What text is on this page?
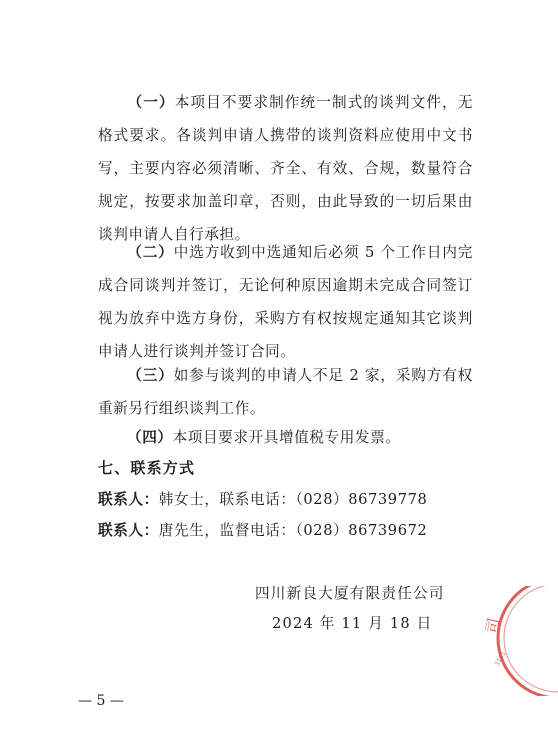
（一）本项目不要求制作统一制式的谈判文件，无格式要求。各谈判申请人携带的谈判资料应使用中文书写，主要内容必须清晰、齐全、有效、合规，数量符合规定，按要求加盖印章，否则，由此导致的一切后果由谈判申请人自行承担。

（二）中选方收到中选通知后必须 5 个工作日内完成合同谈判并签订，无论何种原因逾期未完成合同签订视为放弃中选方身份，采购方有权按规定通知其它谈判申请人进行谈判并签订合同。

（三）如参与谈判的申请人不足 2 家，采购方有权重新另行组织谈判工作。

（四）本项目要求开具增值税专用发票。

七、联系方式
联系人：韩女士，联系电话：（028）86739778
联系人：唐先生，监督电话：（028）86739672
四川新良大厦有限责任公司
2024 年 11 月 18 日	司
1111
— 5 —
